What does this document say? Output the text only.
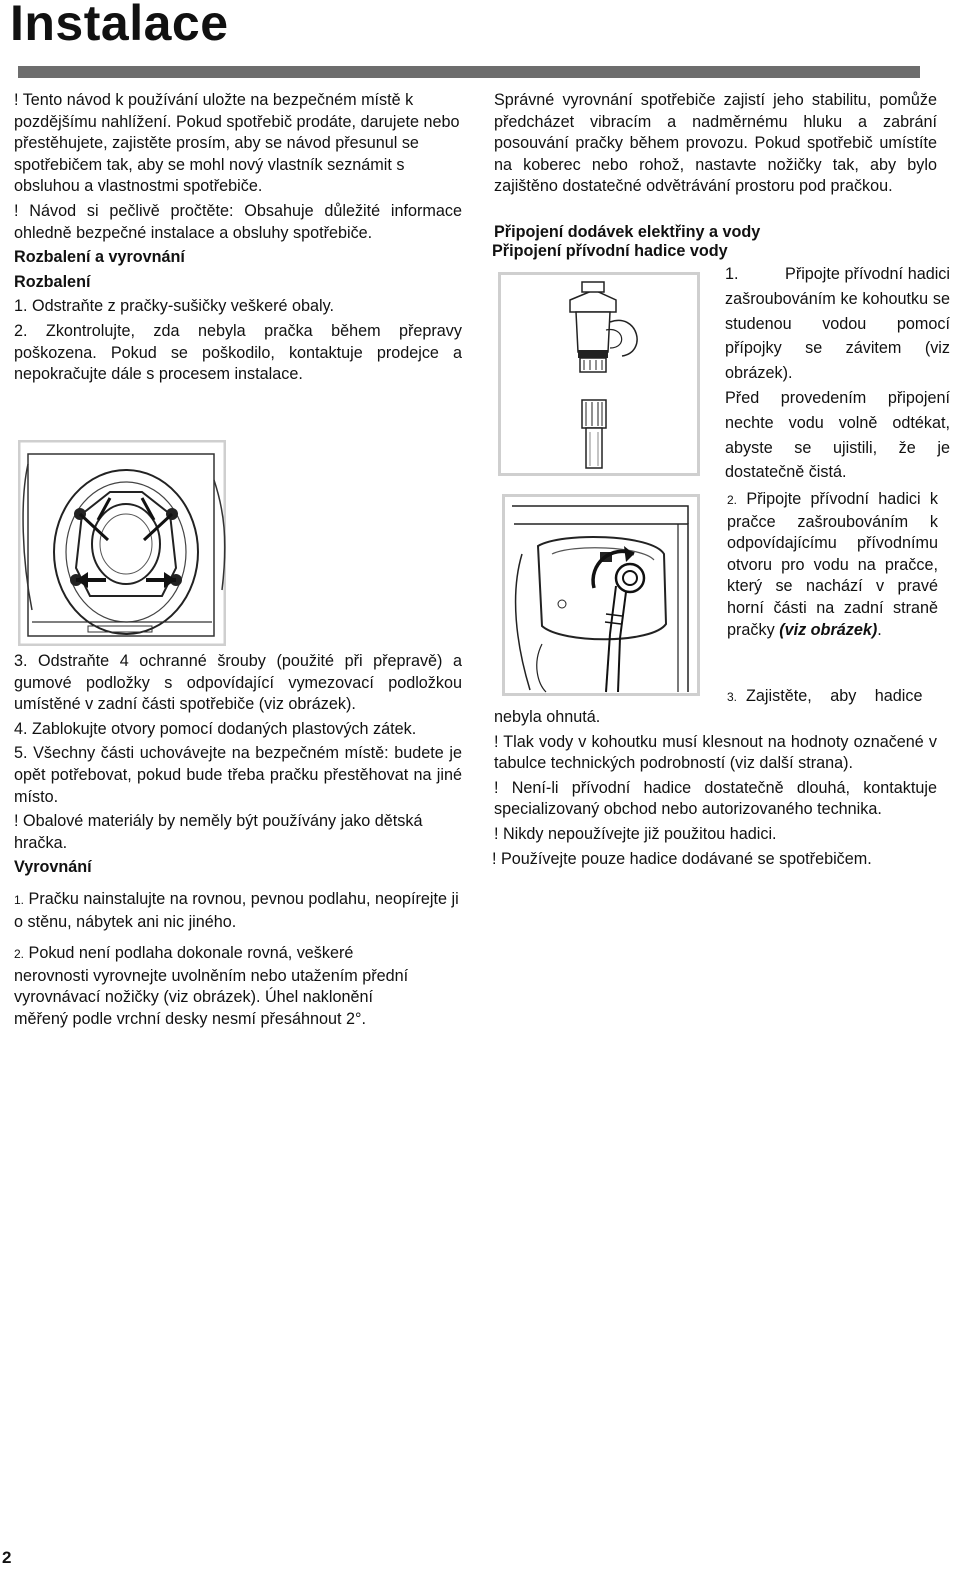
Instalace

! Tento návod k používání uložte na bezpečném místě k pozdějšímu nahlížení. Pokud spotřebič prodáte, darujete nebo přestěhujete, zajistěte prosím, aby se návod přesunul se spotřebičem tak, aby se mohl nový vlastník seznámit s obsluhou a vlastnostmi spotřebiče.

! Návod si pečlivě pročtěte: Obsahuje důležité informace ohledně bezpečné instalace a obsluhy spotřebiče.

Rozbalení a vyrovnání

Rozbalení

1. Odstraňte z pračky-sušičky veškeré obaly.

2. Zkontrolujte, zda nebyla pračka během přepravy poškozena. Pokud se poškodilo, kontaktuje prodejce a nepokračujte dále s procesem instalace.

3. Odstraňte 4 ochranné šrouby (použité při přepravě) a gumové podložky s odpovídající vymezovací podložkou umístěné v zadní části spotřebiče (viz obrázek).

4. Zablokujte otvory pomocí dodaných plastových zátek.

5. Všechny části uchovávejte na bezpečném místě: budete je opět potřebovat, pokud bude třeba pračku přestěhovat na jiné místo.

! Obalové materiály by neměly být používány jako dětská hračka.

Vyrovnání

1. Pračku nainstalujte na rovnou, pevnou podlahu, neopírejte ji o stěnu, nábytek ani nic jiného.

2. Pokud není podlaha dokonale rovná, veškeré nerovnosti vyrovnejte uvolněním nebo utažením přední vyrovnávací nožičky (viz obrázek). Úhel naklonění měřený podle vrchní desky nesmí přesáhnout 2°.

Správné vyrovnání spotřebiče zajistí jeho stabilitu, pomůže předcházet vibracím a nadměrnému hluku a zabrání posouvání pračky během provozu. Pokud spotřebič umístíte na koberec nebo rohož, nastavte nožičky tak, aby bylo zajištěno dostatečné odvětrávání prostoru pod pračkou.
Připojení dodávek elektřiny a vody
Připojení přívodní hadice vody

1.	Připojte přívodní hadici zašroubováním ke kohoutku se studenou vodou pomocí přípojky se závitem (viz obrázek).

Před provedením připojení nechte vodu volně odtékat, abyste se ujistili, že je dostatečně čistá.

2. Připojte přívodní hadici k pračce zašroubováním k odpovídajícímu přívodnímu otvoru pro vodu na pračce, který se nachází v pravé horní části na zadní straně pračky (viz obrázek).
3. Zajistěte, aby hadice

nebyla ohnutá.

! Tlak vody v kohoutku musí klesnout na hodnoty označené v tabulce technických podrobností (viz další strana).

! Není-li přívodní hadice dostatečně dlouhá, kontaktuje specializovaný obchod nebo autorizovaného technika.

! Nikdy nepoužívejte již použitou hadici.

! Používejte pouze hadice dodávané se spotřebičem.

2
